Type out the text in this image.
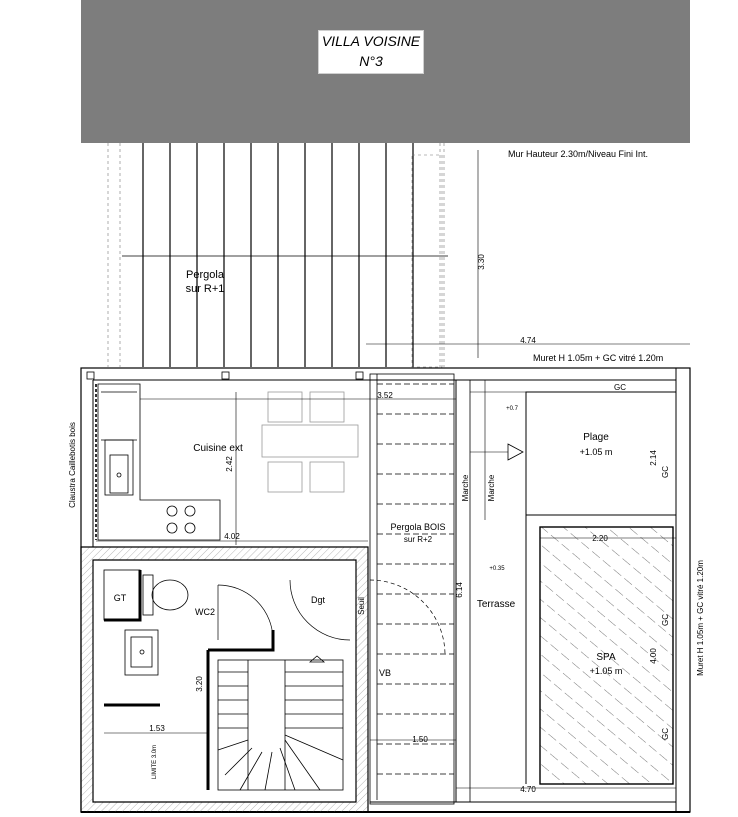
Pergola
sur R+1
Mur Hauteur 2.30m/Niveau Fini Int.
3.30
4.74
Muret H 1.05m + GC vitré 1.20m
Claustra Caillebotis bois	Cuisine ext
2.42
3.52
4.02
Pergola BOIS
sur R+2
6.14
VB
1.50
Marche Marche
+0.7
+0.35
Terrasse
4.70
GC
Plage
+1.05 m	2.14
GC
2.20
SPA
+1.05 m
4.00
GC
GC
Muret H 1.05m + GC vitré 1.20m
GT
WC2
Dgt	Seuil
3.20
1.53
LIMITE 3.0m
VILLA VOISINE
N°3
